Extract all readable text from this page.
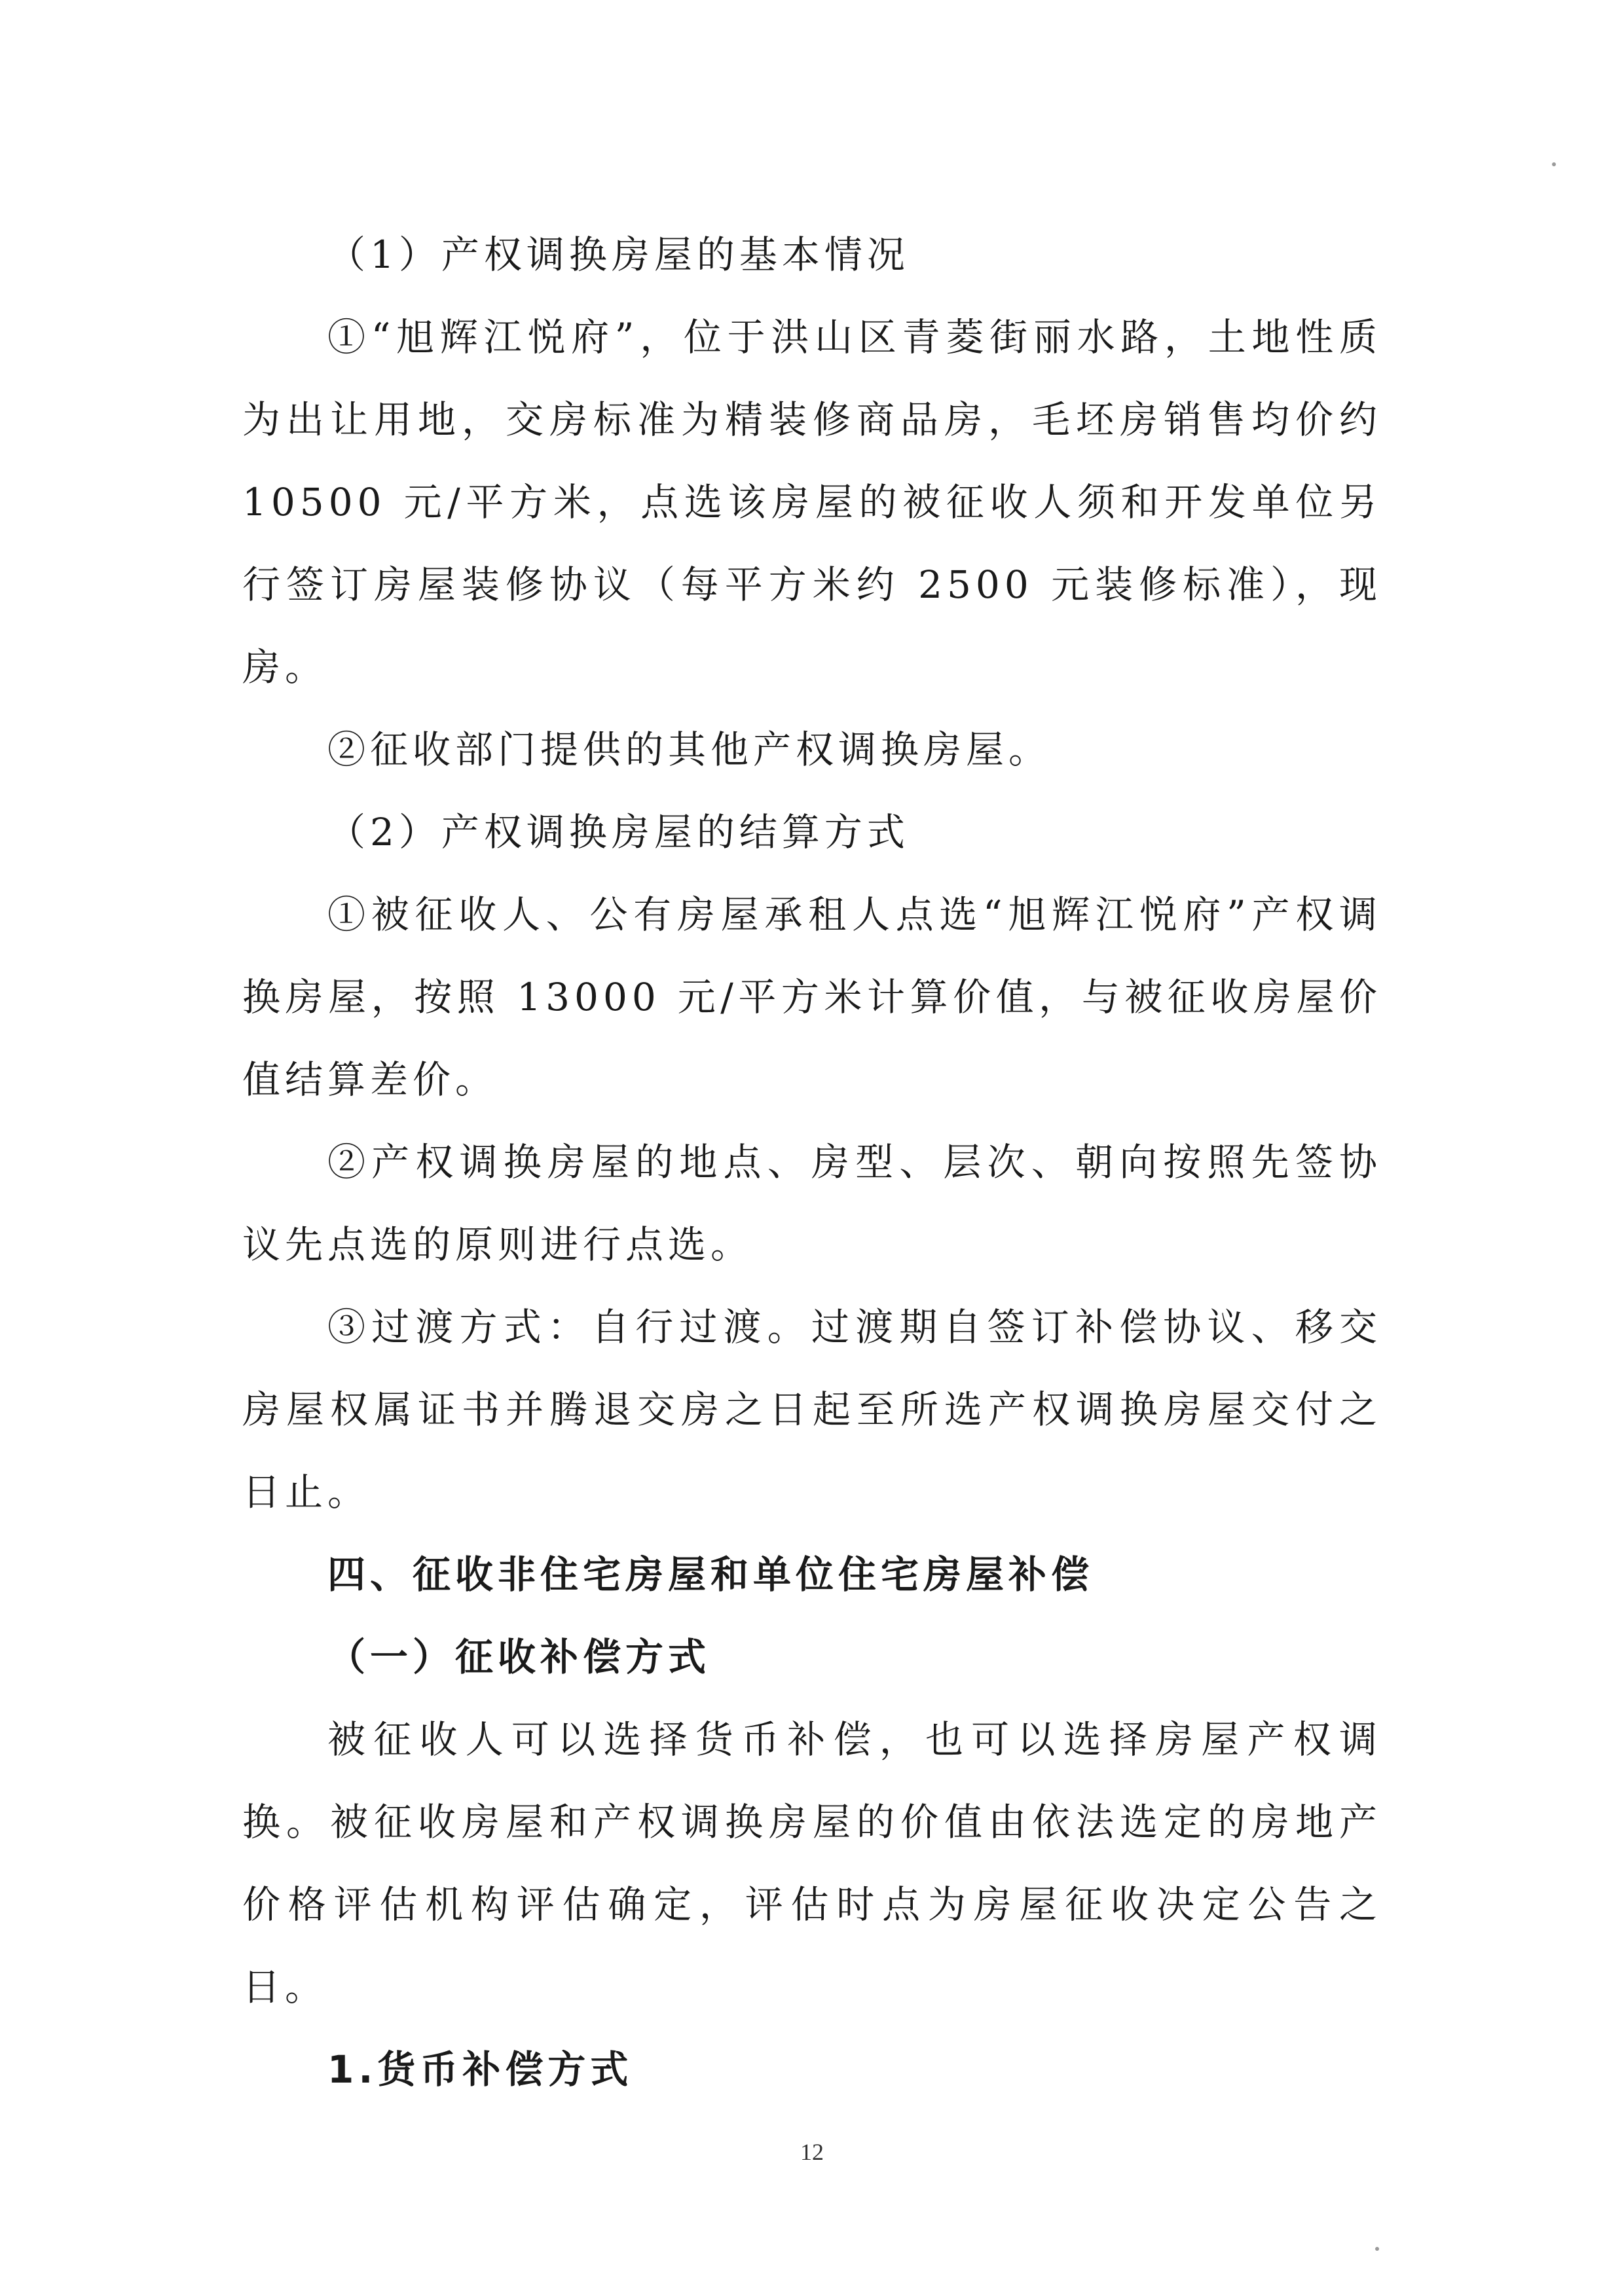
（1）产权调换房屋的基本情况

①“旭辉江悦府”，位于洪山区青菱街丽水路，土地性质为出让用地，交房标准为精装修商品房，毛坯房销售均价约 10500 元/平方米，点选该房屋的被征收人须和开发单位另行签订房屋装修协议（每平方米约 2500 元装修标准），现房。

②征收部门提供的其他产权调换房屋。

（2）产权调换房屋的结算方式

①被征收人、公有房屋承租人点选“旭辉江悦府”产权调换房屋，按照 13000 元/平方米计算价值，与被征收房屋价值结算差价。

②产权调换房屋的地点、房型、层次、朝向按照先签协议先点选的原则进行点选。

③过渡方式：自行过渡。过渡期自签订补偿协议、移交房屋权属证书并腾退交房之日起至所选产权调换房屋交付之日止。

四、征收非住宅房屋和单位住宅房屋补偿

（一）征收补偿方式

被征收人可以选择货币补偿，也可以选择房屋产权调换。被征收房屋和产权调换房屋的价值由依法选定的房地产价格评估机构评估确定，评估时点为房屋征收决定公告之日。

1.货币补偿方式

12
